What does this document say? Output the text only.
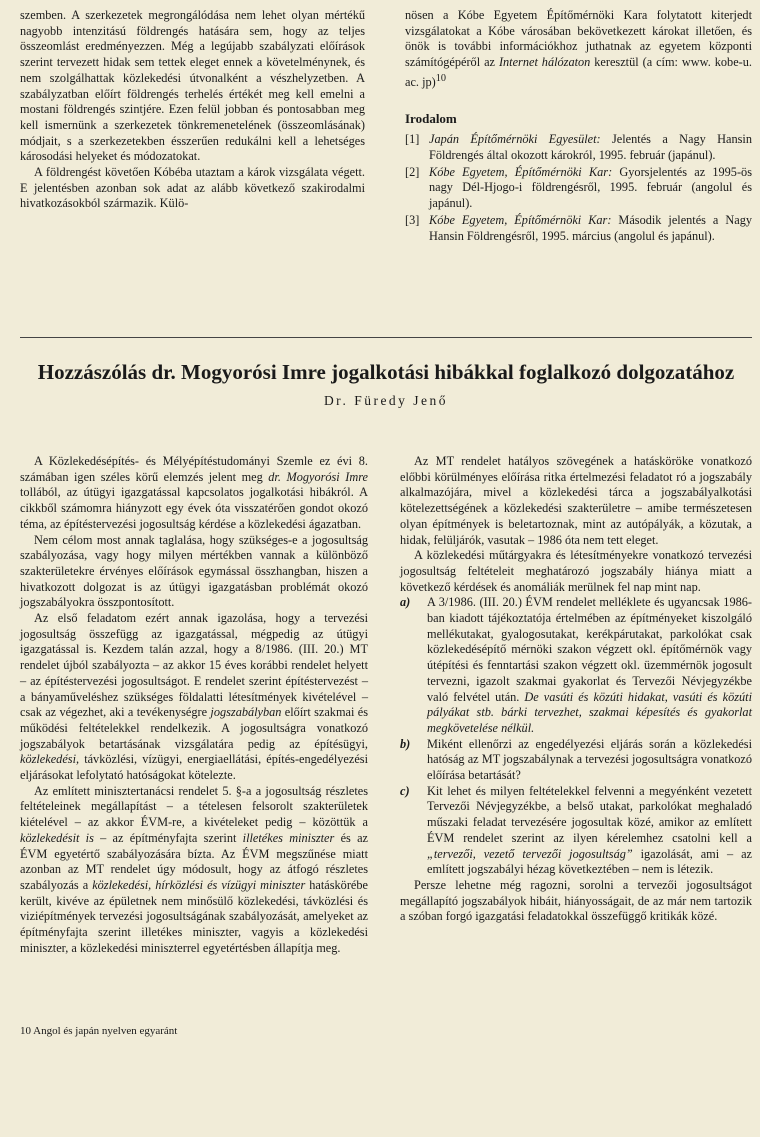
szemben. A szerkezetek megrongálódása nem lehet olyan mértékű nagyobb intenzitású földrengés hatására sem, hogy az teljes összeomlást eredményezzen. Még a legújabb szabályzati előírások szerint tervezett hidak sem tettek eleget ennek a követelménynek, és nem szolgálhattak közlekedési útvonalként a vészhelyzetben. A szabályzatban előírt földrengés terhelés értékét meg kell emelni a mostani földrengés szintjére. Ezen felül jobban és pontosabban meg kell ismernünk a szerkezetek tönkremenetelének (összeomlásának) módjait, s a szerkezetekben ésszerűen redukálni kell a lehetséges károsodási helyeket és módozatokat.

A földrengést követően Kóbéba utaztam a károk vizsgálata végett. E jelentésben azonban sok adat az alább következő szakirodalmi hivatkozásokból származik. Külö-

nösen a Kóbe Egyetem Építőmérnöki Kara folytatott kiterjedt vizsgálatokat a Kóbe városában bekövetkezett károkat illetően, és önök is további információkhoz juthatnak az egyetem központi számítógépéről az Internet hálózaton keresztül (a cím: www. kobe-u. ac. jp)$^{10}$

Irodalom
[1] Japán Építőmérnöki Egyesület: Jelentés a Nagy Hansin Földrengés által okozott károkról, 1995. február (japánul).
[2] Kóbe Egyetem, Építőmérnöki Kar: Gyorsjelentés az 1995-ös nagy Dél-Hjogo-i földrengésről, 1995. február (angolul és japánul).
[3] Kóbe Egyetem, Építőmérnöki Kar: Második jelentés a Nagy Hansin Földrengésről, 1995. március (angolul és japánul).
Hozzászólás dr. Mogyorósi Imre jogalkotási hibákkal foglalkozó dolgozatához
Dr. Füredy Jenő

A Közlekedésépítés- és Mélyépítéstudományi Szemle ez évi 8. számában igen széles körű elemzés jelent meg dr. Mogyorósi Imre tollából, az útügyi igazgatással kapcsolatos jogalkotási hibákról. A cikkből számomra hiányzott egy évek óta visszatérően gondot okozó téma, az építéstervezési jogosultság kérdése a közlekedési ágazatban.

Nem célom most annak taglalása, hogy szükséges-e a jogosultság szabályozása, vagy hogy milyen mértékben vannak a különböző szakterületekre érvényes előírások egymással összhangban, hiszen a hivatkozott dolgozat is az útügyi igazgatásban problémát okozó jogszabályokra összpontosított.

Az első feladatom ezért annak igazolása, hogy a tervezési jogosultság összefügg az igazgatással, mégpedig az útügyi igazgatással is. Kezdem talán azzal, hogy a 8/1986. (III. 20.) MT rendelet újból szabályozta – az akkor 15 éves korábbi rendelet helyett – az építéstervezési jogosultságot. E rendelet szerint építéstervezést – a bányaműveléshez szükséges földalatti létesítmények kivételével – csak az végezhet, aki a tevékenységre jogszabályban előírt szakmai és működési feltételekkel rendelkezik. A jogosultságra vonatkozó jogszabályok betartásának vizsgálatára pedig az építésügyi, közlekedési, távközlési, vízügyi, energiaellátási, építés-engedélyezési eljárásokat lefolytató hatóságokat kötelezte.

Az említett minisztertanácsi rendelet 5. §-a a jogosultság részletes feltételeinek megállapítást – a tételesen felsorolt szakterületek kiételével – az akkor ÉVM-re, a kivételeket pedig – közöttük a közlekedésit is – az építményfajta szerint illetékes miniszter és az ÉVM egyetértő szabályozására bízta. Az ÉVM megszűnése miatt azonban az MT rendelet úgy módosult, hogy az átfogó részletes szabályozás a közlekedési, hírközlési és vízügyi miniszter hatáskörébe került, kivéve az épületnek nem minősülő közlekedési, távközlési és viziépítmények tervezési jogosultságának szabályozását, amelyeket az építményfajta szerint illetékes miniszter, vagyis a közlekedési miniszter, a közlekedési miniszterrel egyetértésben állapítja meg.

Az MT rendelet hatályos szövegének a hatásköröke vonatkozó előbbi körülményes előírása ritka értelmezési feladatot ró a jogszabály alkalmazójára, mivel a közlekedési tárca a jogszabályalkotási kötelezettségének a közlekedési szakterületre – amibe természetesen olyan építmények is beletartoznak, mint az autópályák, a közutak, a hidak, felüljárók, vasutak – 1986 óta nem tett eleget.

A közlekedési műtárgyakra és létesítményekre vonatkozó tervezési jogosultság feltételeit meghatározó jogszabály hiánya miatt a következő kérdések és anomáliák merülnek fel nap mint nap.

a)	A 3/1986. (III. 20.) ÉVM rendelet melléklete és ugyancsak 1986-ban kiadott tájékoztatója értelmében az építményeket kiszolgáló mellékutakat, gyalogosutakat, kerékpárutakat, parkolókat csak közlekedésépítő mérnöki szakon végzett okl. építőmérnök vagy útépítési és fenntartási szakon végzett okl. üzemmérnök jogosult tervezni, igazolt szakmai gyakorlat és Tervezői Névjegyzékbe való felvétel után. De vasúti és közúti hidakat, vasúti és közúti pályákat stb. bárki tervezhet, szakmai képesítés és gyakorlat megkövetelése nélkül.
b)	Miként ellenőrzi az engedélyezési eljárás során a közlekedési hatóság az MT jogszabálynak a tervezési jogosultságra vonatkozó előírása betartását?
c)	Kit lehet és milyen feltételekkel felvenni a megyénként vezetett Tervezői Névjegyzékbe, a belső utakat, parkolókat meghaladó műszaki feladat tervezésére jogosultak közé, amikor az említett ÉVM rendelet szerint az ilyen kérelemhez csatolni kell a „tervezői, vezető tervezői jogosultság” igazolását, ami – az említett jogszabályi hézag következtében – nem is létezik.

Persze lehetne még ragozni, sorolni a tervezői jogosultságot megállapító jogszabályok hibáit, hiányosságait, de az már nem tartozik a szóban forgó igazgatási feladatokkal összefüggő kritikák közé.

10 Angol és japán nyelven egyaránt
